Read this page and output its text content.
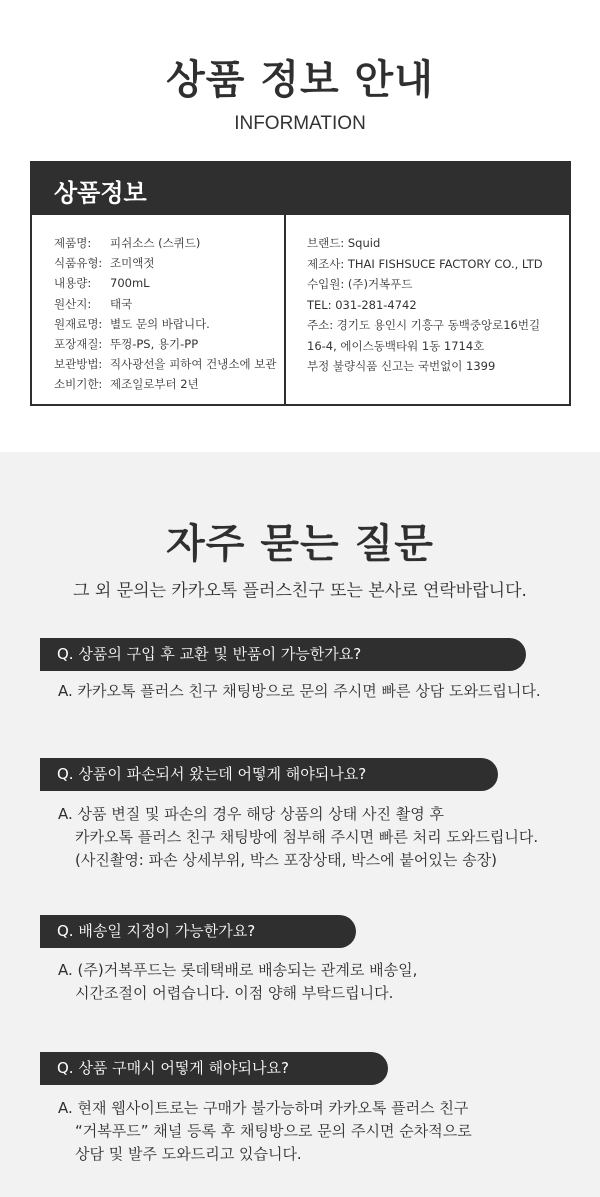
상품 정보 안내
INFORMATION
상품정보
제품명:	피쉬소스 (스퀴드)
식품유형: 조미액젓
내용량:	700mL
원산지:	태국
원재료명: 별도 문의 바랍니다.
포장재질: 뚜껑-PS, 용기-PP
보관방법: 직사광선을 피하여 건냉소에 보관
소비기한: 제조일로부터 2년
브랜드: Squid
제조사: THAI FISHSUCE FACTORY CO., LTD
수입원: (주)거복푸드
TEL: 031-281-4742
주소: 경기도 용인시 기흥구 동백중앙로16번길
16-4, 에이스동백타워 1동 1714호
부정 불량식품 신고는 국번없이 1399
자주 묻는 질문
그 외 문의는 카카오톡 플러스친구 또는 본사로 연락바랍니다.
Q. 상품의 구입 후 교환 및 반품이 가능한가요?
A. 카카오톡 플러스 친구 채팅방으로 문의 주시면 빠른 상담 도와드립니다.
Q. 상품이 파손되서 왔는데 어떻게 해야되나요?
A. 상품 변질 및 파손의 경우 해당 상품의 상태 사진 촬영 후
카카오톡 플러스 친구 채팅방에 첨부해 주시면 빠른 처리 도와드립니다.
(사진촬영: 파손 상세부위, 박스 포장상태, 박스에 붙어있는 송장)
Q. 배송일 지정이 가능한가요?
A. (주)거복푸드는 롯데택배로 배송되는 관계로 배송일,
시간조절이 어렵습니다. 이점 양해 부탁드립니다.
Q. 상품 구매시 어떻게 해야되나요?
A. 현재 웹사이트로는 구매가 불가능하며 카카오톡 플러스 친구
“거복푸드” 채널 등록 후 채팅방으로 문의 주시면 순차적으로
상담 및 발주 도와드리고 있습니다.
